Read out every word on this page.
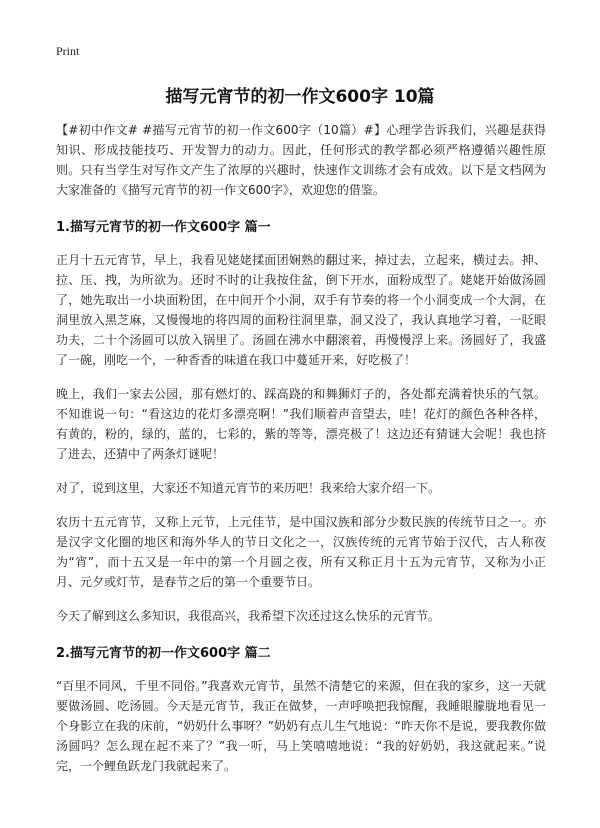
Print
描写元宵节的初一作文600字 10篇

【#初中作文# #描写元宵节的初一作文600字（10篇）#】心理学告诉我们，兴趣是获得知识、形成技能技巧、开发智力的动力。因此，任何形式的教学都必须严格遵循兴趣性原则。只有当学生对写作文产生了浓厚的兴趣时，快速作文训练才会有成效。以下是文档网为大家准备的《描写元宵节的初一作文600字》，欢迎您的借鉴。

1.描写元宵节的初一作文600字 篇一

正月十五元宵节，早上，我看见姥姥揉面团娴熟的翻过来，掉过去，立起来，横过去。抻、拉、压、拽，为所欲为。还时不时的让我按住盆，倒下开水，面粉成型了。姥姥开始做汤圆了，她先取出一小块面粉团，在中间开个小洞，双手有节奏的将一个小洞变成一个大洞，在洞里放入黑芝麻，又慢慢地的将四周的面粉往洞里靠，洞又没了，我认真地学习着，一眨眼功夫，二十个汤圆可以放入锅里了。汤圆在沸水中翻滚着，再慢慢浮上来。汤圆好了，我盛了一碗，刚吃一个，一种香香的味道在我口中蔓延开来，好吃极了！

晚上，我们一家去公园，那有燃灯的、踩高跷的和舞狮灯子的，各处都充满着快乐的气氛。不知谁说一句：“看这边的花灯多漂亮啊！”我们顺着声音望去，哇！花灯的颜色各种各样，有黄的，粉的，绿的，蓝的，七彩的，紫的等等，漂亮极了！这边还有猜谜大会呢！我也挤了进去，还猜中了两条灯谜呢！

对了，说到这里，大家还不知道元宵节的来历吧！我来给大家介绍一下。

农历十五元宵节，又称上元节，上元佳节，是中国汉族和部分少数民族的传统节日之一。亦是汉字文化圈的地区和海外华人的节日文化之一，汉族传统的元宵节始于汉代，古人称夜为“宵”，而十五又是一年中的第一个月圆之夜，所有又称正月十五为元宵节，又称为小正月、元夕或灯节，是春节之后的第一个重要节日。

今天了解到这么多知识，我很高兴，我希望下次还过这么快乐的元宵节。

2.描写元宵节的初一作文600字 篇二

“百里不同风，千里不同俗。”我喜欢元宵节，虽然不清楚它的来源，但在我的家乡，这一天就要做汤圆、吃汤圆。今天是元宵节，我正在做梦，一声呼唤把我惊醒，我睡眼朦胧地看见一个身影立在我的床前，“奶奶什么事呀？”奶奶有点儿生气地说：“昨天你不是说，要我教你做汤圆吗？怎么现在起不来了？”我一听，马上笑嘻嘻地说：“我的好奶奶，我这就起来。”说完，一个鲤鱼跃龙门我就起来了。
